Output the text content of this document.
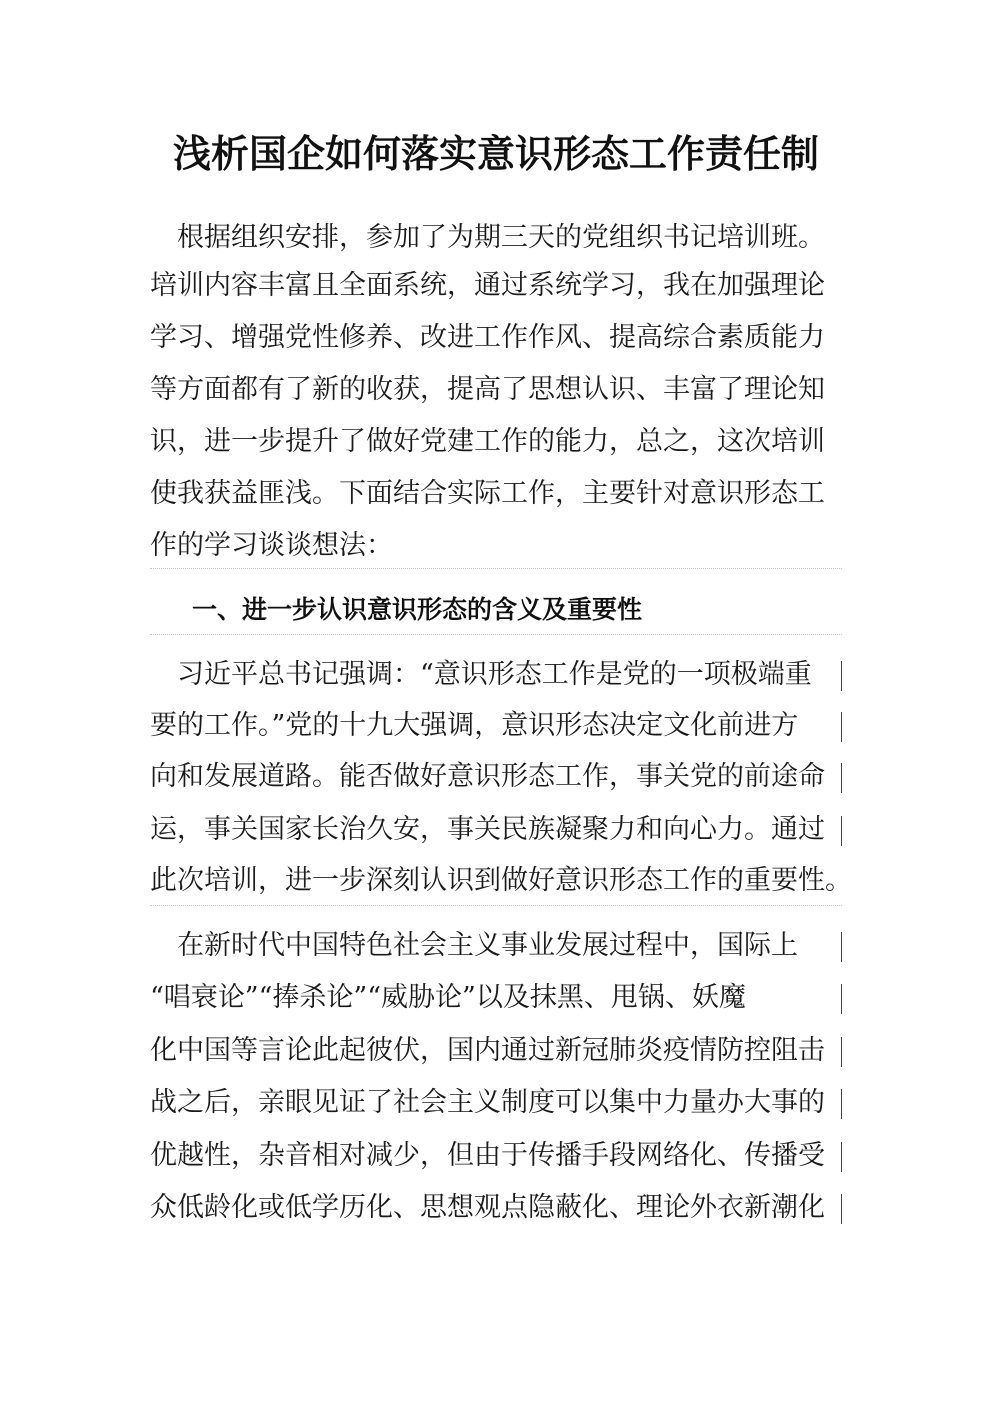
浅析国企如何落实意识形态工作责任制
　根据组织安排，参加了为期三天的党组织书记培训班。
培训内容丰富且全面系统，通过系统学习，我在加强理论
学习、增强党性修养、改进工作作风、提高综合素质能力
等方面都有了新的收获，提高了思想认识、丰富了理论知
识，进一步提升了做好党建工作的能力，总之，这次培训
使我获益匪浅。下面结合实际工作，主要针对意识形态工
作的学习谈谈想法：
一、进一步认识意识形态的含义及重要性
　习近平总书记强调：“意识形态工作是党的一项极端重
要的工作。”党的十九大强调，意识形态决定文化前进方
向和发展道路。能否做好意识形态工作，事关党的前途命
运，事关国家长治久安，事关民族凝聚力和向心力。通过
此次培训，进一步深刻认识到做好意识形态工作的重要性。
　在新时代中国特色社会主义事业发展过程中，国际上
“唱衰论”“捧杀论”“威胁论”以及抹黑、甩锅、妖魔
化中国等言论此起彼伏，国内通过新冠肺炎疫情防控阻击
战之后，亲眼见证了社会主义制度可以集中力量办大事的
优越性，杂音相对减少，但由于传播手段网络化、传播受
众低龄化或低学历化、思想观点隐蔽化、理论外衣新潮化
